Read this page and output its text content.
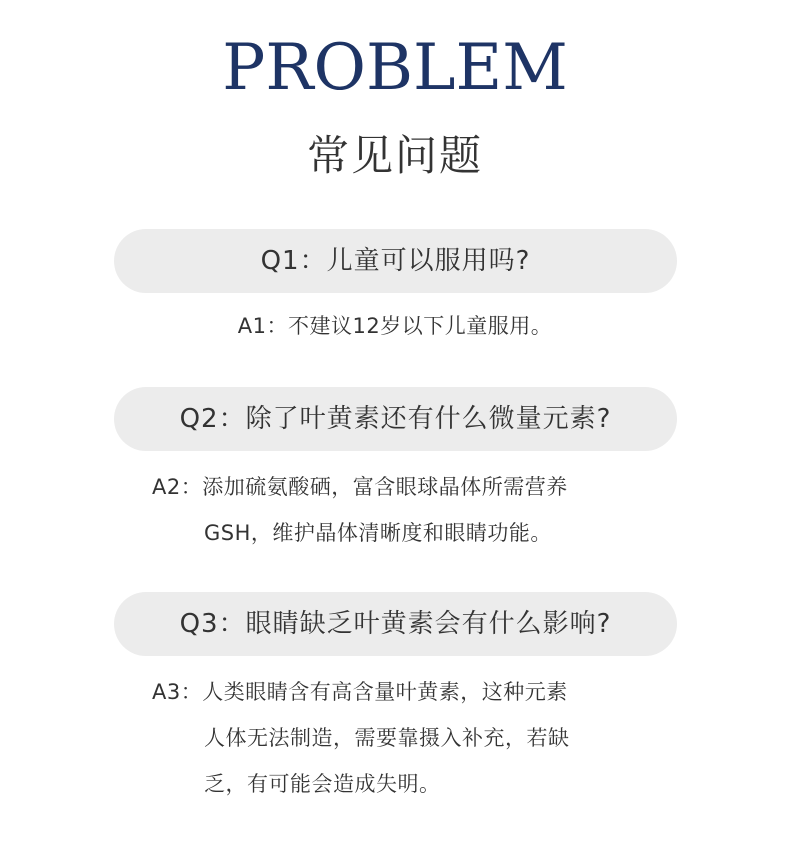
PROBLEM
常见问题
Q1：儿童可以服用吗?
A1：不建议12岁以下儿童服用。
Q2：除了叶黄素还有什么微量元素?
A2：添加硫氨酸硒，富含眼球晶体所需营养
GSH，维护晶体清晰度和眼睛功能。
Q3：眼睛缺乏叶黄素会有什么影响?
A3：人类眼睛含有高含量叶黄素，这种元素
人体无法制造，需要靠摄入补充，若缺
乏，有可能会造成失明。
